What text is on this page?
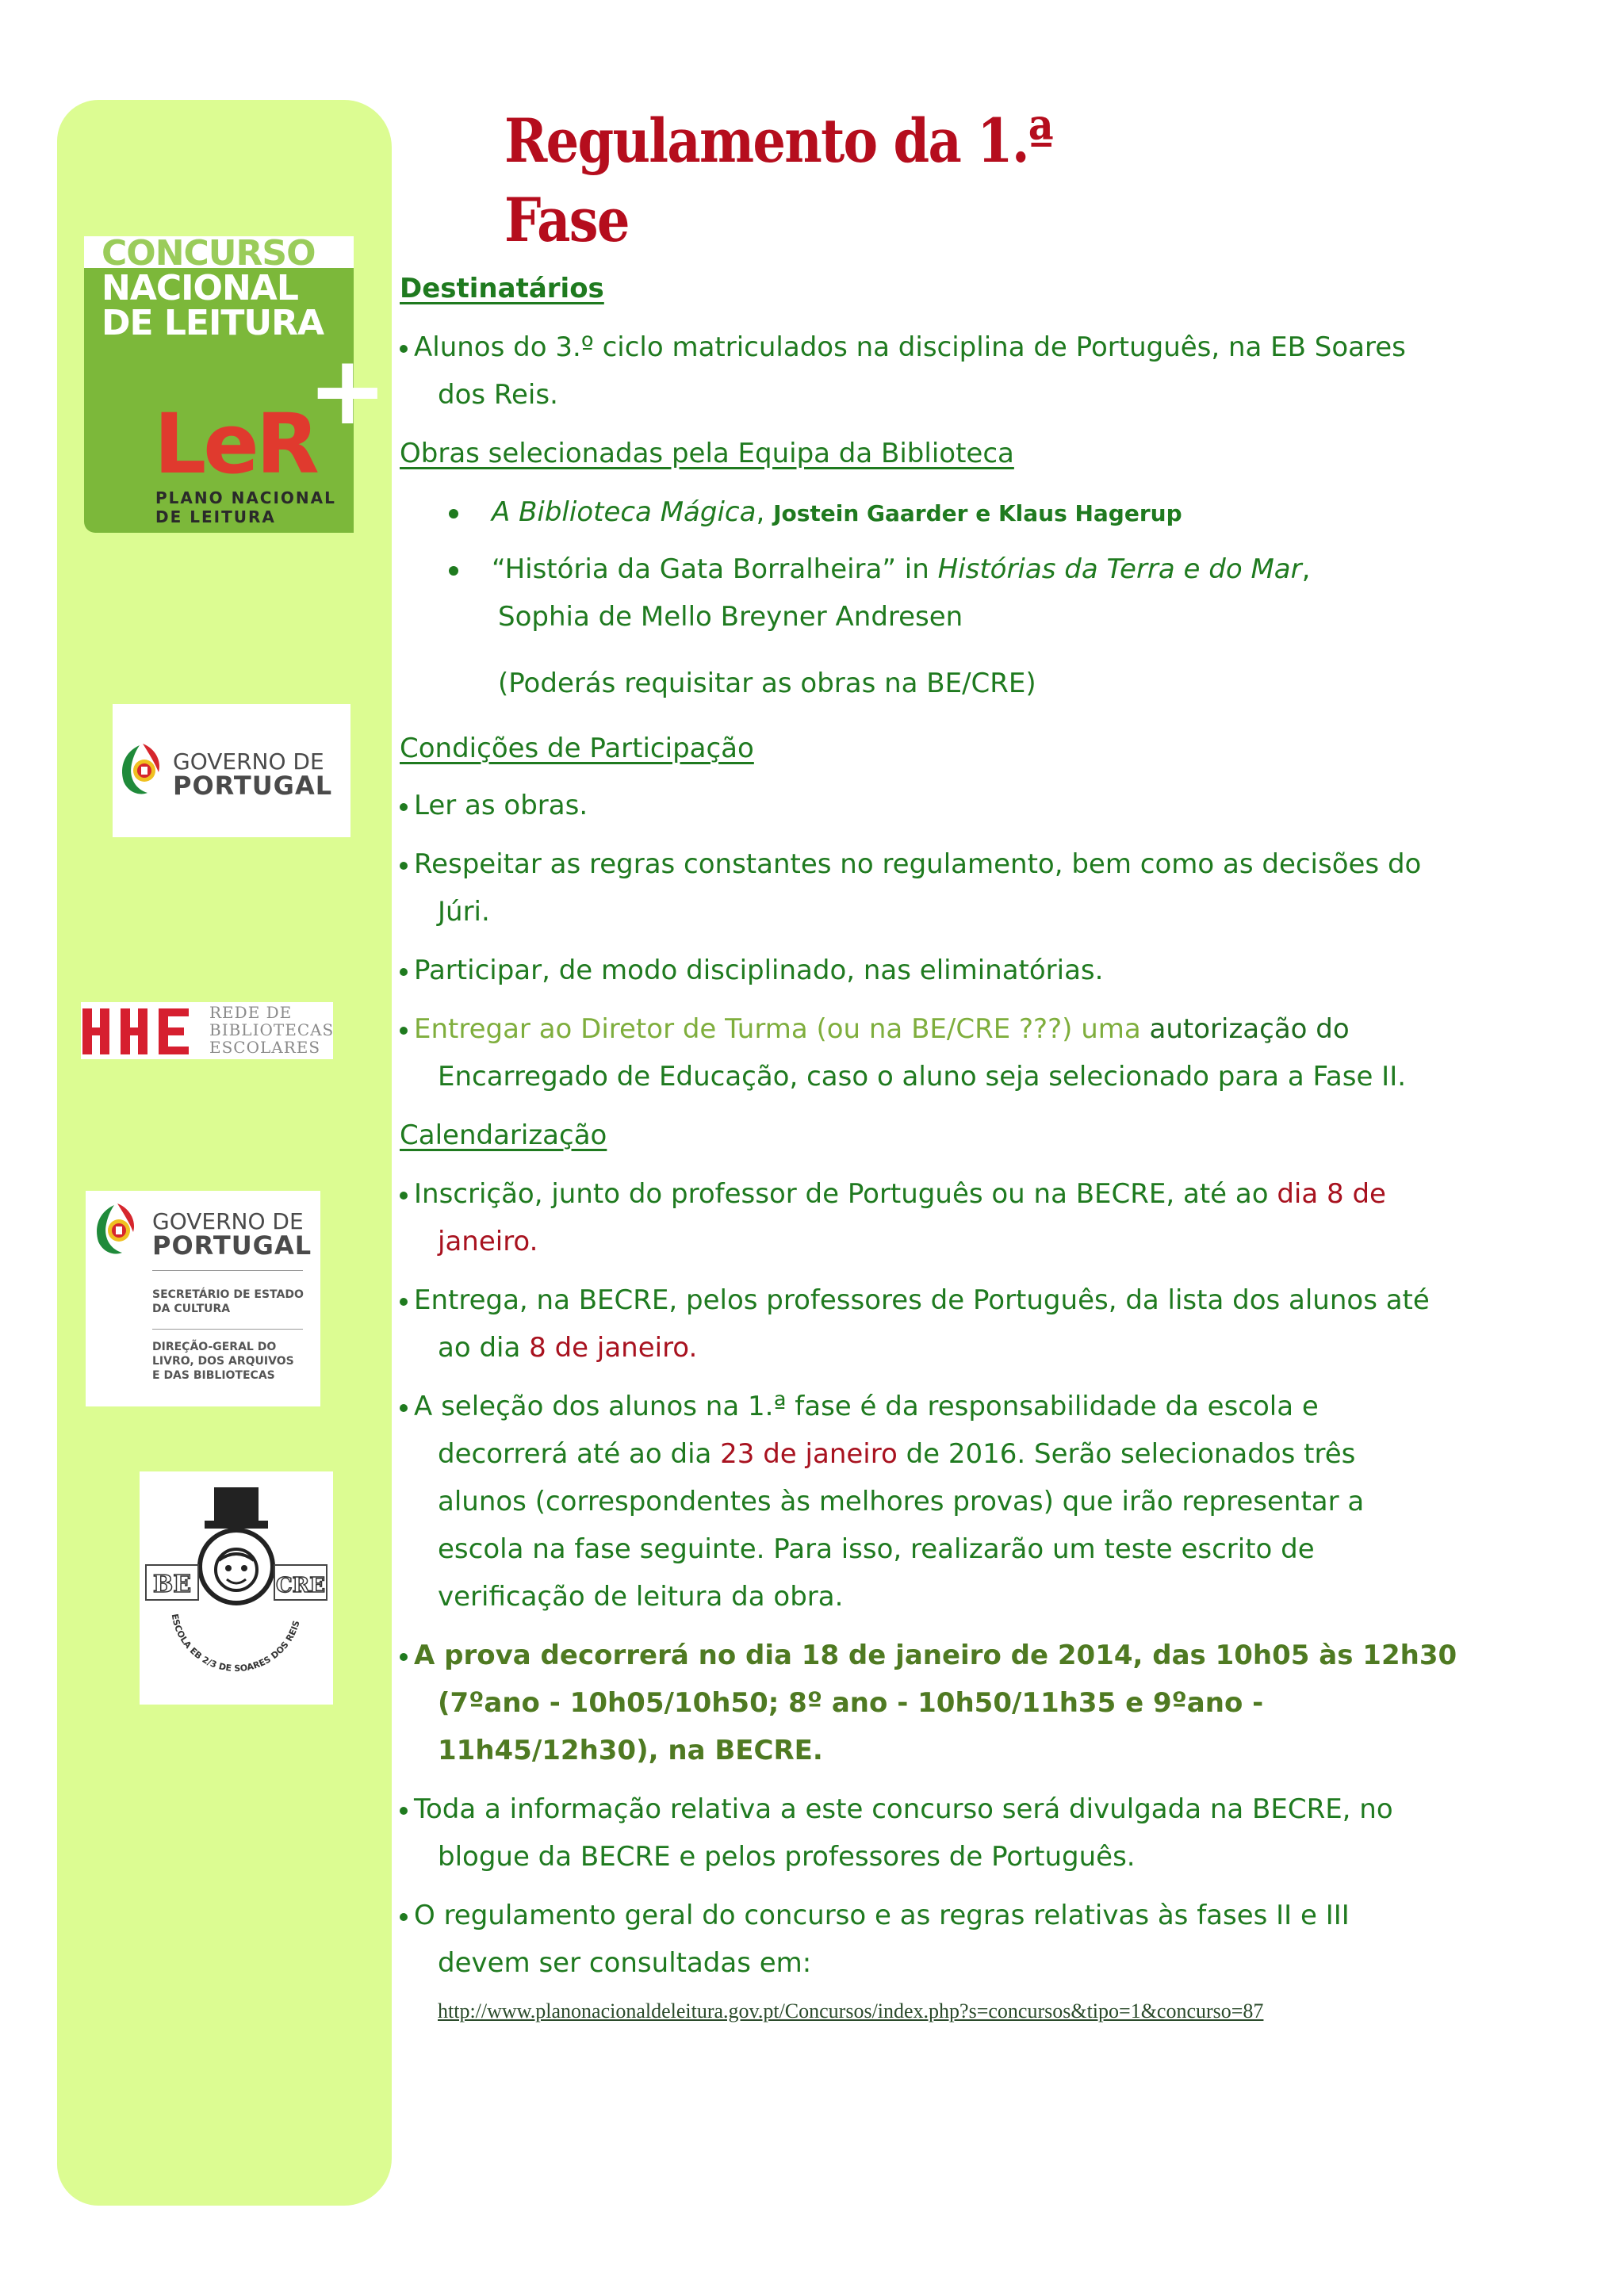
CONCURSO
NACIONAL
DE LEITURA
LeR
+
PLANO NACIONAL
DE LEITURA
GOVERNO DE
PORTUGAL
REDE DE
BIBLIOTECAS
ESCOLARES
GOVERNO DE
PORTUGAL
SECRETÁRIO DE ESTADO
DA CULTURA
DIREÇÃO-GERAL DO
LIVRO, DOS ARQUIVOS
E DAS BIBLIOTECAS
BE	CRE
ESCOLA EB 2/3 DE SOARES DOS REIS
Regulamento da 1.ª Fase
Destinatários
Alunos do 3.º ciclo matriculados na disciplina de Português, na EB Soares
dos Reis.
Obras selecionadas pela Equipa da Biblioteca
A Biblioteca Mágica, Jostein Gaarder e Klaus Hagerup
“História da Gata Borralheira” in Histórias da Terra e do Mar,
Sophia de Mello Breyner Andresen
(Poderás requisitar as obras na BE/CRE)
Condições de Participação
Ler as obras.
Respeitar as regras constantes no regulamento, bem como as decisões do
Júri.
Participar, de modo disciplinado, nas eliminatórias.
Entregar ao Diretor de Turma (ou na BE/CRE ???) uma autorização do
Encarregado de Educação, caso o aluno seja selecionado para a Fase II.
Calendarização
Inscrição, junto do professor de Português ou na BECRE, até ao dia 8 de
janeiro.
Entrega, na BECRE, pelos professores de Português, da lista dos alunos até
ao dia 8 de janeiro.
A seleção dos alunos na 1.ª fase é da responsabilidade da escola e
decorrerá até ao dia 23 de janeiro de 2016. Serão selecionados três
alunos (correspondentes às melhores provas) que irão representar a
escola na fase seguinte. Para isso, realizarão um teste escrito de
verificação de leitura da obra.
A prova decorrerá no dia 18 de janeiro de 2014, das 10h05 às 12h30
(7ºano - 10h05/10h50; 8º ano - 10h50/11h35 e 9ºano -
11h45/12h30), na BECRE.
Toda a informação relativa a este concurso será divulgada na BECRE, no
blogue da BECRE e pelos professores de Português.
O regulamento geral do concurso e as regras relativas às fases II e III
devem ser consultadas em:
http://www.planonacionaldeleitura.gov.pt/Concursos/index.php?s=concursos&tipo=1&concurso=87
